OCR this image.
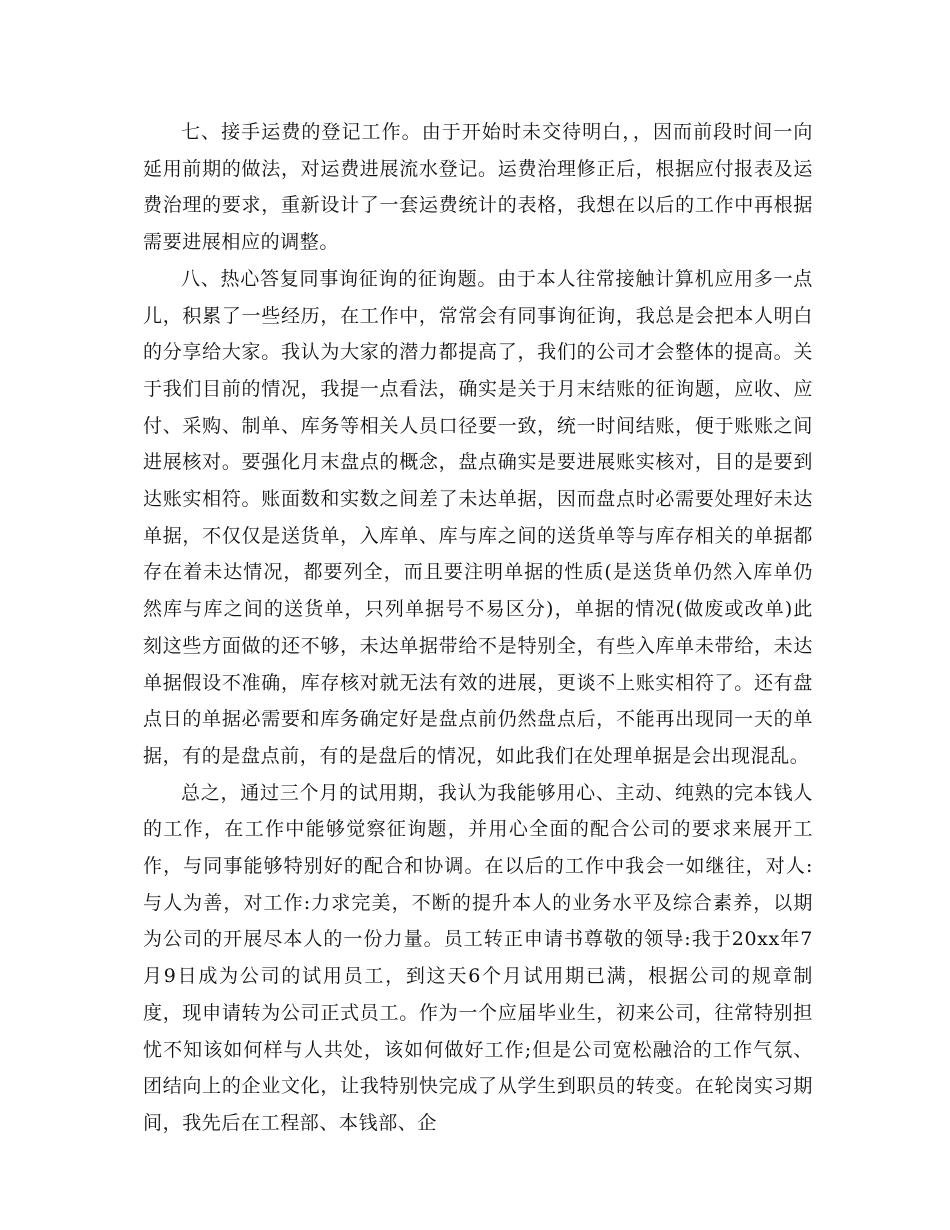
七、接手运费的登记工作。由于开始时未交待明白，，因而前段时间一向延用前期的做法，对运费进展流水登记。运费治理修正后，根据应付报表及运费治理的要求，重新设计了一套运费统计的表格，我想在以后的工作中再根据需要进展相应的调整。

八、热心答复同事询征询的征询题。由于本人往常接触计算机应用多一点儿，积累了一些经历，在工作中，常常会有同事询征询，我总是会把本人明白的分享给大家。我认为大家的潜力都提高了，我们的公司才会整体的提高。关于我们目前的情况，我提一点看法，确实是关于月末结账的征询题，应收、应付、采购、制单、库务等相关人员口径要一致，统一时间结账，便于账账之间进展核对。要强化月末盘点的概念，盘点确实是要进展账实核对，目的是要到达账实相符。账面数和实数之间差了未达单据，因而盘点时必需要处理好未达单据，不仅仅是送货单，入库单、库与库之间的送货单等与库存相关的单据都存在着未达情况，都要列全，而且要注明单据的性质(是送货单仍然入库单仍然库与库之间的送货单，只列单据号不易区分)，单据的情况(做废或改单)此刻这些方面做的还不够，未达单据带给不是特别全，有些入库单未带给，未达单据假设不准确，库存核对就无法有效的进展，更谈不上账实相符了。还有盘点日的单据必需要和库务确定好是盘点前仍然盘点后，不能再出现同一天的单据，有的是盘点前，有的是盘后的情况，如此我们在处理单据是会出现混乱。

总之，通过三个月的试用期，我认为我能够用心、主动、纯熟的完本钱人的工作，在工作中能够觉察征询题，并用心全面的配合公司的要求来展开工作，与同事能够特别好的配合和协调。在以后的工作中我会一如继往，对人:与人为善，对工作:力求完美，不断的提升本人的业务水平及综合素养，以期为公司的开展尽本人的一份力量。员工转正申请书尊敬的领导:我于20xx年7月9日成为公司的试用员工，到这天6个月试用期已满，根据公司的规章制度，现申请转为公司正式员工。作为一个应届毕业生，初来公司，往常特别担忧不知该如何样与人共处，该如何做好工作;但是公司宽松融洽的工作气氛、团结向上的企业文化，让我特别快完成了从学生到职员的转变。在轮岗实习期间，我先后在工程部、本钱部、企
